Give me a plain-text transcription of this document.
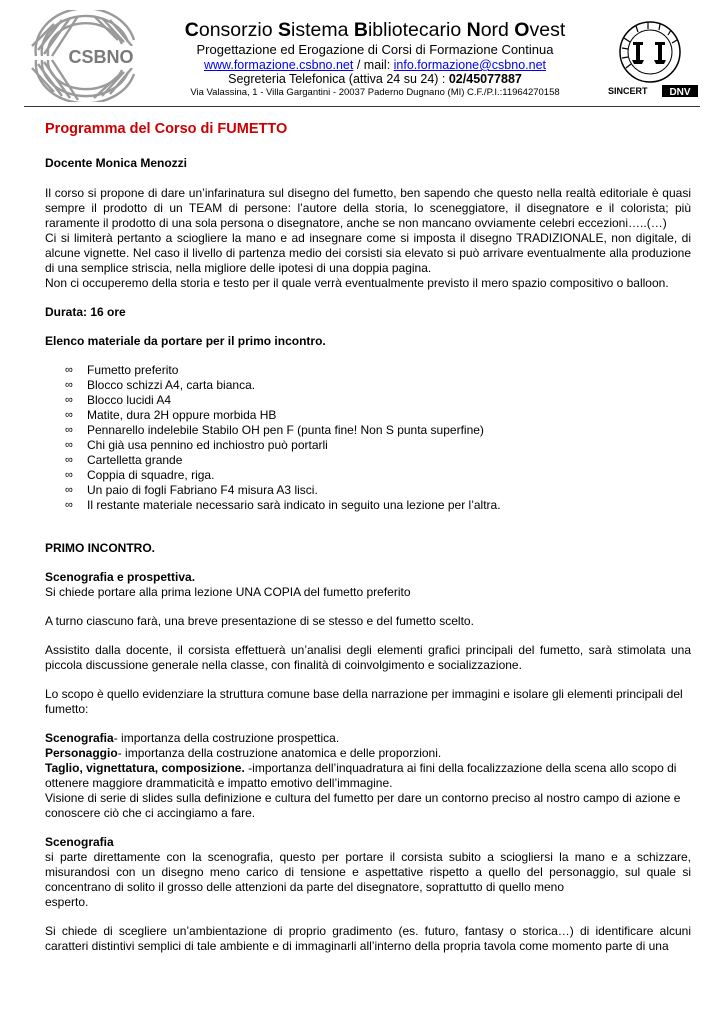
CSBNO
Consorzio Sistema Bibliotecario Nord Ovest
Progettazione ed Erogazione di Corsi di Formazione Continua
www.formazione.csbno.net / mail: info.formazione@csbno.net
Segreteria Telefonica (attiva 24 su 24) : 02/45077887
Via Valassina, 1 - Villa Gargantini - 20037 Paderno Dugnano (MI) C.F./P.I.:11964270158	SINCERT DNV
Programma del Corso di FUMETTO

Docente Monica Menozzi

Il corso si propone di dare un’infarinatura sul disegno del fumetto, ben sapendo che questo nella realtà editoriale è quasi sempre il prodotto di un TEAM di persone: l’autore della storia, lo sceneggiatore, il disegnatore e il colorista; più raramente il prodotto di una sola persona o disegnatore, anche se non mancano ovviamente celebri eccezioni…..(…)

Ci si limiterà pertanto a sciogliere la mano e ad insegnare come si imposta il disegno TRADIZIONALE, non digitale, di alcune vignette. Nel caso il livello di partenza medio dei corsisti sia elevato si può arrivare eventualmente alla produzione di una semplice striscia, nella migliore delle ipotesi di una doppia pagina.

Non ci occuperemo della storia e testo per il quale verrà eventualmente previsto il mero spazio compositivo o balloon.

Durata: 16 ore

Elenco materiale da portare per il primo incontro.

∞ Fumetto preferito
∞ Blocco schizzi A4, carta bianca.
∞ Blocco lucidi A4
∞ Matite, dura 2H oppure morbida HB
∞ Pennarello indelebile Stabilo OH pen F (punta fine! Non S punta superfine)
∞ Chi già usa pennino ed inchiostro può portarli
∞ Cartelletta grande
∞ Coppia di squadre, riga.
∞ Un paio di fogli Fabriano F4 misura A3 lisci.
∞ Il restante materiale necessario sarà indicato in seguito una lezione per l’altra.

PRIMO INCONTRO.

Scenografia e prospettiva.

Si chiede portare alla prima lezione UNA COPIA del fumetto preferito

A turno ciascuno farà, una breve presentazione di se stesso e del fumetto scelto.

Assistito dalla docente, il corsista effettuerà un’analisi degli elementi grafici principali del fumetto, sarà stimolata una piccola discussione generale nella classe, con finalità di coinvolgimento e socializzazione.

Lo scopo è quello evidenziare la struttura comune base della narrazione per immagini e isolare gli elementi principali del fumetto:

Scenografia- importanza della costruzione prospettica.

Personaggio- importanza della costruzione anatomica e delle proporzioni.

Taglio, vignettatura, composizione. -importanza dell’inquadratura ai fini della focalizzazione della scena allo scopo di ottenere maggiore drammaticità e impatto emotivo dell’immagine.

Visione di serie di slides sulla definizione e cultura del fumetto per dare un contorno preciso al nostro campo di azione e conoscere ciò che ci accingiamo a fare.

Scenografia

si parte direttamente con la scenografia, questo per portare il corsista subito a sciogliersi la mano e a schizzare, misurandosi con un disegno meno carico di tensione e aspettative rispetto a quello del personaggio, sul quale si concentrano di solito il grosso delle attenzioni da parte del disegnatore, soprattutto di quello meno

esperto.

Si chiede di scegliere un’ambientazione di proprio gradimento (es. futuro, fantasy o storica…) di identificare alcuni caratteri distintivi semplici di tale ambiente e di immaginarli all’interno della propria tavola come momento parte di una
